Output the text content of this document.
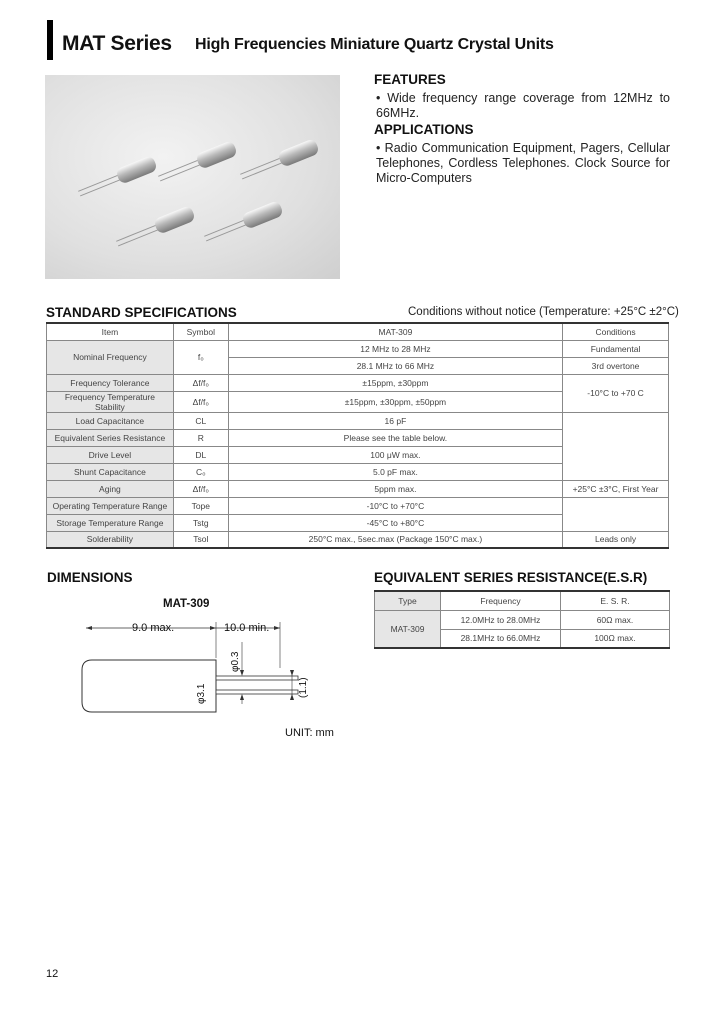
MAT Series High Frequencies Miniature Quartz Crystal Units
FEATURES
• Wide frequency range coverage from 12MHz to 66MHz.
APPLICATIONS
• Radio Communication Equipment, Pagers, Cellular Telephones, Cordless Telephones. Clock Source for Micro-Computers
STANDARD SPECIFICATIONS	Conditions without notice (Temperature: +25°C ±2°C)
Item	Symbol	MAT-309	Conditions
Nominal Frequency	f₀	12 MHz to 28 MHz	Fundamental
		28.1 MHz to 66 MHz	3rd overtone
Frequency Tolerance	Δf/f₀	±15ppm, ±30ppm	-10°C to +70 C
Frequency Temperature Stability	Δf/f₀	±15ppm, ±30ppm, ±50ppm	
Load Capacitance	CL	16 pF	
Equivalent Series Resistance	R	Please see the table below.	
Drive Level	DL	100 μW max.	
Shunt Capacitance	C₀	5.0 pF max.	
Aging	Δf/f₀	5ppm max.	+25°C ±3°C, First Year
Operating Temperature Range	Tope	-10°C to +70°C	
Storage Temperature Range	Tstg	-45°C to +80°C	
Solderability	Tsol	250°C max., 5sec.max (Package 150°C max.)	Leads only
DIMENSIONS
MAT-309
9.0 max.	10.0 min.
φ3.1
φ0.3
(1.1)
UNIT: mm
EQUIVALENT SERIES RESISTANCE(E.S.R)
Type	Frequency	E. S. R.
MAT-309	12.0MHz to 28.0MHz	60Ω max.
	28.1MHz to 66.0MHz	100Ω max.
12
